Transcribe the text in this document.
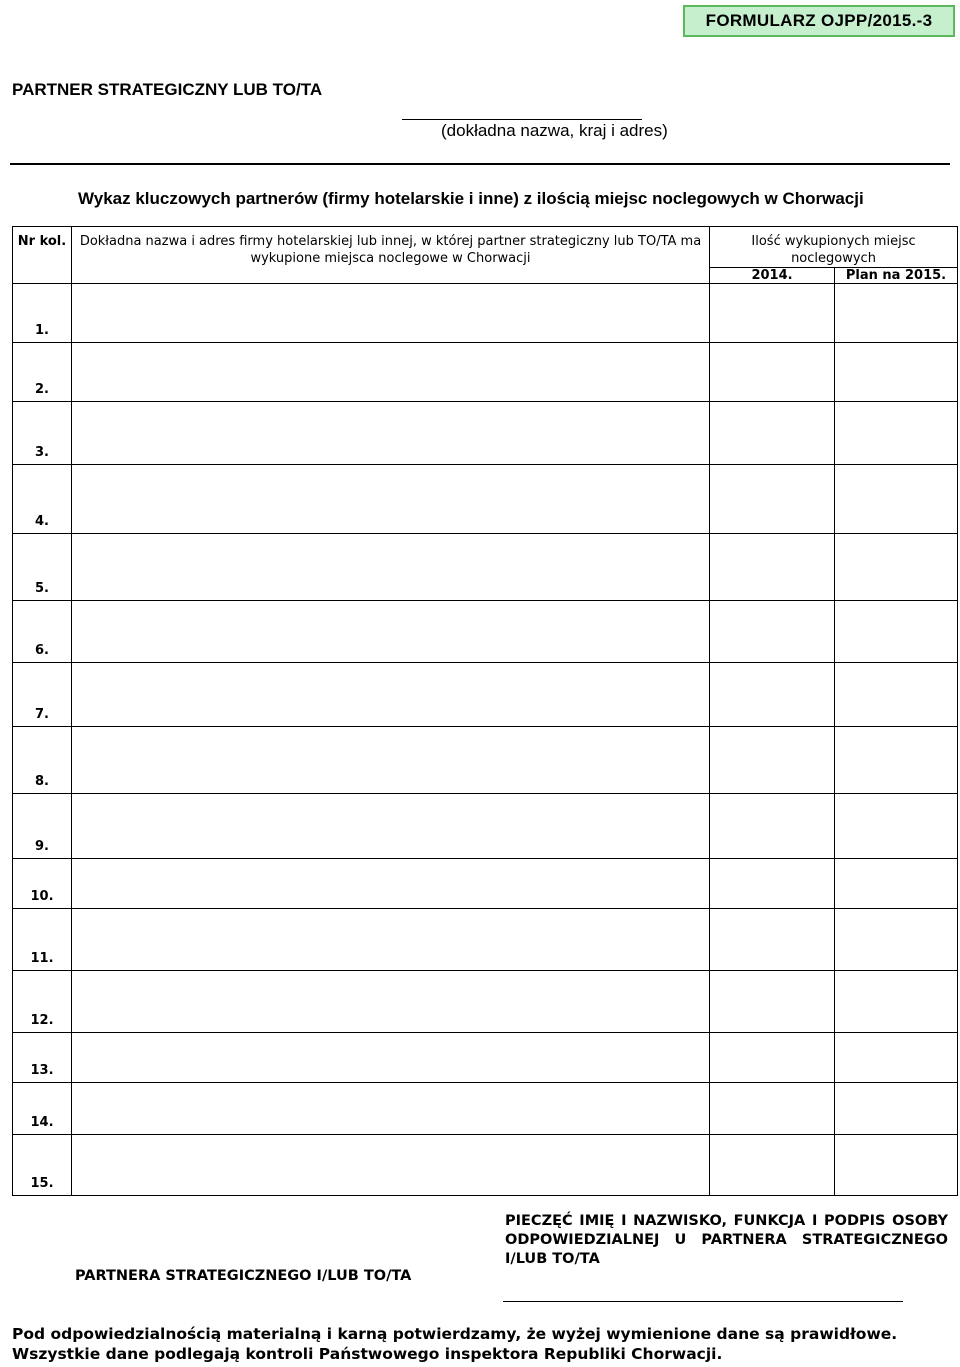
FORMULARZ OJPP/2015.-3
PARTNER STRATEGICZNY LUB TO/TA
(dokładna nazwa, kraj i adres)
Wykaz kluczowych partnerów (firmy hotelarskie i inne) z ilością miejsc noclegowych w Chorwacji
Nr kol.	Dokładna nazwa i adres firmy hotelarskiej lub innej, w której partner strategiczny lub TO/TA ma wykupione miejsca noclegowe w Chorwacji	Ilość wykupionych miejsc noclegowych	
		2014.	Plan na 2015.
1.			
2.			
3.			
4.			
5.			
6.			
7.			
8.			
9.			
10.			
11.			
12.			
13.			
14.			
15.			
PARTNERA STRATEGICZNEGO I/LUB TO/TA
PIECZĘĆ IMIĘ I NAZWISKO, FUNKCJA I PODPIS OSOBY ODPOWIEDZIALNEJ U PARTNERA STRATEGICZNEGO I/LUB TO/TA
Pod odpowiedzialnością materialną i karną potwierdzamy, że wyżej wymienione dane są prawidłowe.
Wszystkie dane podlegają kontroli Państwowego inspektora Republiki Chorwacji.
